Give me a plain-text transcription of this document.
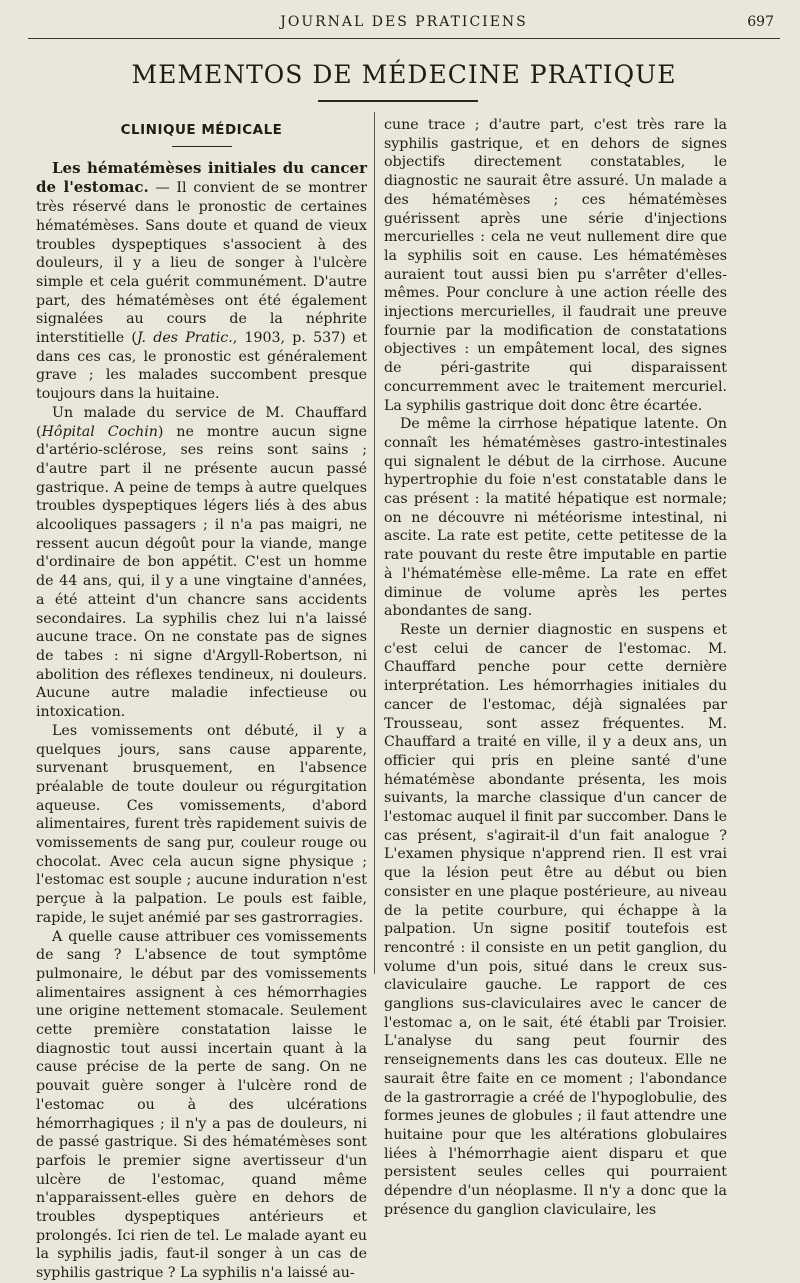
JOURNAL DES PRATICIENS	697
MEMENTOS DE MÉDECINE PRATIQUE
CLINIQUE MÉDICALE

Les hématémèses initiales du cancer de l'estomac. — Il convient de se montrer très réservé dans le pronostic de certaines hématémèses. Sans doute et quand de vieux troubles dyspeptiques s'associent à des douleurs, il y a lieu de songer à l'ulcère simple et cela guérit communément. D'autre part, des hématémèses ont été également signalées au cours de la néphrite interstitielle (J. des Pratic., 1903, p. 537) et dans ces cas, le pronostic est généralement grave ; les malades succombent presque toujours dans la huitaine.

Un malade du service de M. Chauffard (Hôpital Cochin) ne montre aucun signe d'artério-sclérose, ses reins sont sains ; d'autre part il ne présente aucun passé gastrique. A peine de temps à autre quelques troubles dyspeptiques légers liés à des abus alcooliques passagers ; il n'a pas maigri, ne ressent aucun dégoût pour la viande, mange d'ordinaire de bon appétit. C'est un homme de 44 ans, qui, il y a une vingtaine d'années, a été atteint d'un chancre sans accidents secondaires. La syphilis chez lui n'a laissé aucune trace. On ne constate pas de signes de tabes : ni signe d'Argyll-Robertson, ni abolition des réflexes tendineux, ni douleurs. Aucune autre maladie infectieuse ou intoxication.

Les vomissements ont débuté, il y a quelques jours, sans cause apparente, survenant brusquement, en l'absence préalable de toute douleur ou régurgitation aqueuse. Ces vomissements, d'abord alimentaires, furent très rapidement suivis de vomissements de sang pur, couleur rouge ou chocolat. Avec cela aucun signe physique ; l'estomac est souple ; aucune induration n'est perçue à la palpation. Le pouls est faible, rapide, le sujet anémié par ses gastrorragies.

A quelle cause attribuer ces vomissements de sang ? L'absence de tout symptôme pulmonaire, le début par des vomissements alimentaires assignent à ces hémorrhagies une origine nettement stomacale. Seulement cette première constatation laisse le diagnostic tout aussi incertain quant à la cause précise de la perte de sang. On ne pouvait guère songer à l'ulcère rond de l'estomac ou à des ulcérations hémorrhagiques ; il n'y a pas de douleurs, ni de passé gastrique. Si des hématémèses sont parfois le premier signe avertisseur d'un ulcère de l'estomac, quand même n'apparaissent-elles guère en dehors de troubles dyspeptiques antérieurs et prolongés. Ici rien de tel. Le malade ayant eu la syphilis jadis, faut-il songer à un cas de syphilis gastrique ? La syphilis n'a laissé au-

cune trace ; d'autre part, c'est très rare la syphilis gastrique, et en dehors de signes objectifs directement constatables, le diagnostic ne saurait être assuré. Un malade a des hématémèses ; ces hématémèses guérissent après une série d'injections mercurielles : cela ne veut nullement dire que la syphilis soit en cause. Les hématémèses auraient tout aussi bien pu s'arrêter d'elles-mêmes. Pour conclure à une action réelle des injections mercurielles, il faudrait une preuve fournie par la modification de constatations objectives : un empâtement local, des signes de péri-gastrite qui disparaissent concurremment avec le traitement mercuriel. La syphilis gastrique doit donc être écartée.

De même la cirrhose hépatique latente. On connaît les hématémèses gastro-intestinales qui signalent le début de la cirrhose. Aucune hypertrophie du foie n'est constatable dans le cas présent : la matité hépatique est normale; on ne découvre ni météorisme intestinal, ni ascite. La rate est petite, cette petitesse de la rate pouvant du reste être imputable en partie à l'hématémèse elle-même. La rate en effet diminue de volume après les pertes abondantes de sang.

Reste un dernier diagnostic en suspens et c'est celui de cancer de l'estomac. M. Chauffard penche pour cette dernière interprétation. Les hémorrhagies initiales du cancer de l'estomac, déjà signalées par Trousseau, sont assez fréquentes. M. Chauffard a traité en ville, il y a deux ans, un officier qui pris en pleine santé d'une hématémèse abondante présenta, les mois suivants, la marche classique d'un cancer de l'estomac auquel il finit par succomber. Dans le cas présent, s'agirait-il d'un fait analogue ? L'examen physique n'apprend rien. Il est vrai que la lésion peut être au début ou bien consister en une plaque postérieure, au niveau de la petite courbure, qui échappe à la palpation. Un signe positif toutefois est rencontré : il consiste en un petit ganglion, du volume d'un pois, situé dans le creux sus-claviculaire gauche. Le rapport de ces ganglions sus-claviculaires avec le cancer de l'estomac a, on le sait, été établi par Troisier. L'analyse du sang peut fournir des renseignements dans les cas douteux. Elle ne saurait être faite en ce moment ; l'abondance de la gastrorragie a créé de l'hypoglobulie, des formes jeunes de globules ; il faut attendre une huitaine pour que les altérations globulaires liées à l'hémorrhagie aient disparu et que persistent seules celles qui pourraient dépendre d'un néoplasme. Il n'y a donc que la présence du ganglion claviculaire, les
